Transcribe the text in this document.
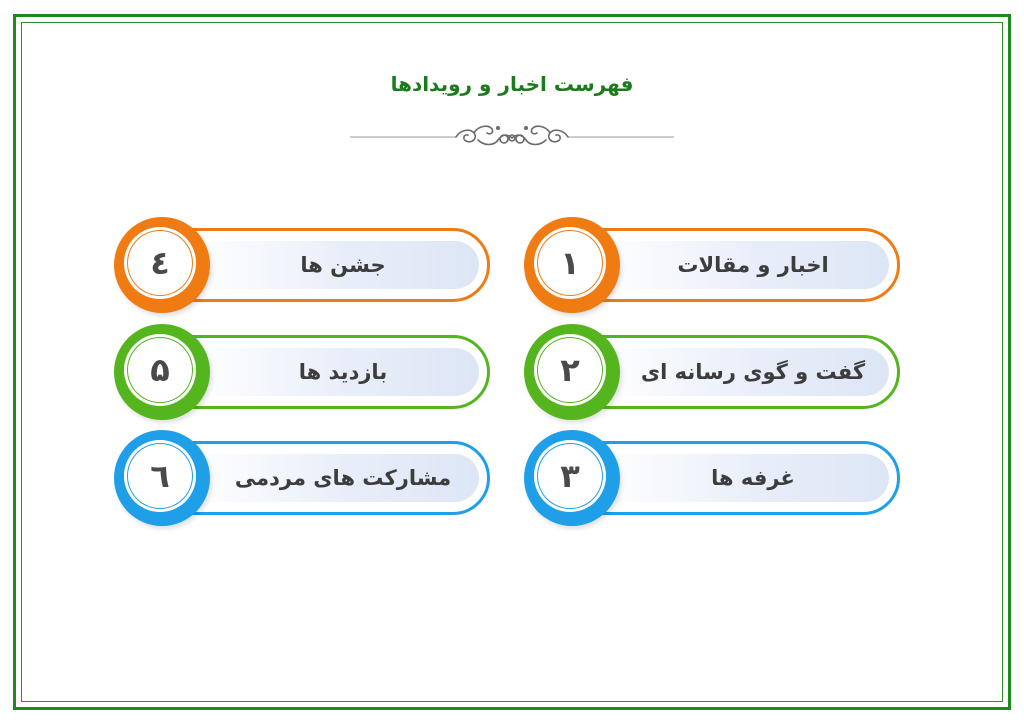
فهرست اخبار و رویدادها
۱	اخبار و مقالات
۲	گفت و گوی رسانه ای
۳	غرفه ها
٤	جشن ها
۵	بازدید ها
٦	مشارکت های مردمی
